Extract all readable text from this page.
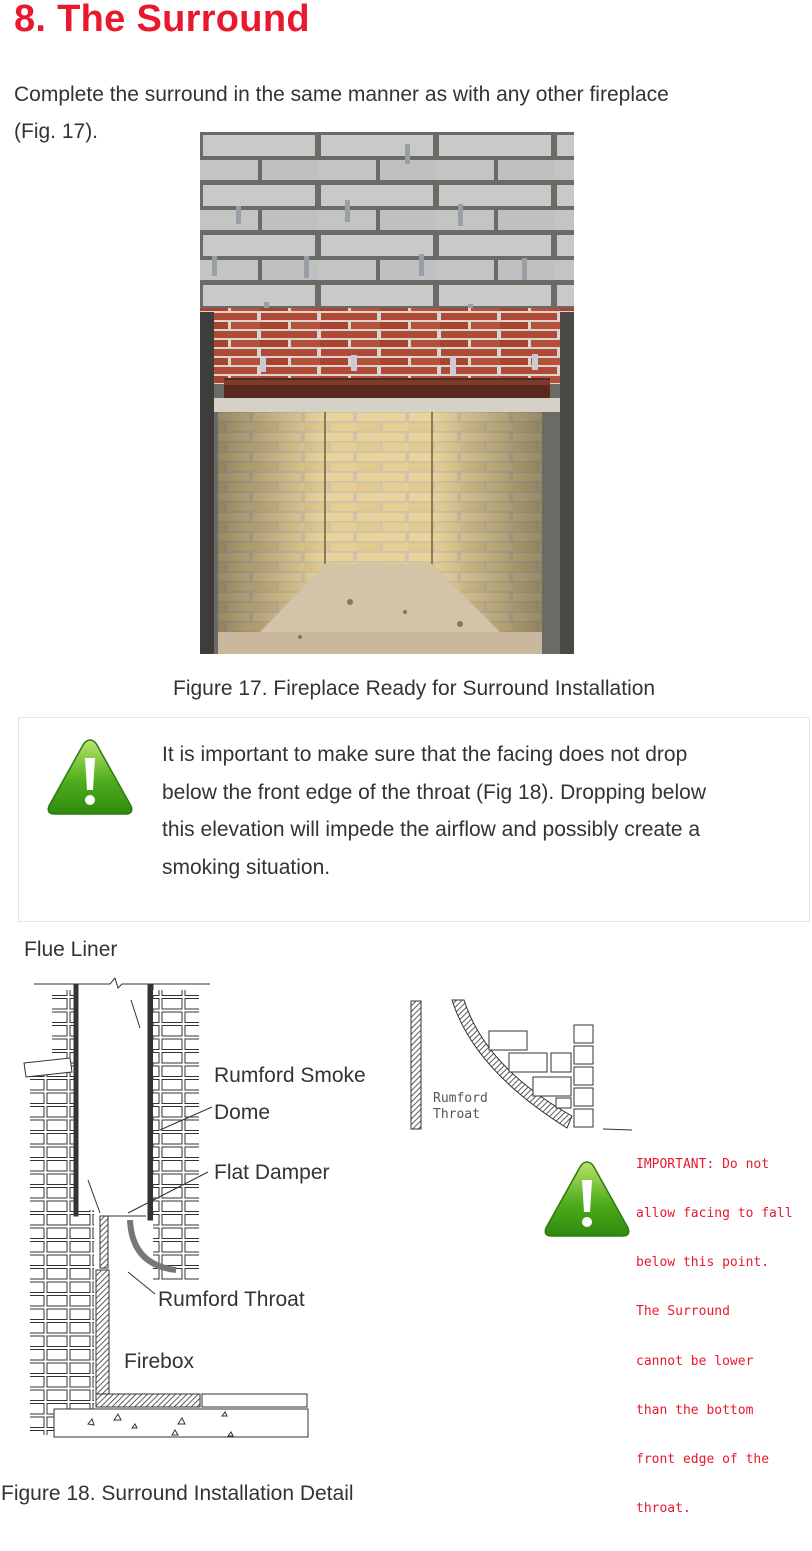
8. The Surround
Complete the surround in the same manner as with any other fireplace
(Fig. 17).
Figure 17. Fireplace Ready for Surround Installation
It is important to make sure that the facing does not drop
below the front edge of the throat (Fig 18). Dropping below
this elevation will impede the airflow and possibly create a
smoking situation.
Flue Liner
Rumford Smoke
Dome
Flat Damper
Rumford Throat
Firebox
Rumford
Throat

IMPORTANT: Do not

allow facing to fall

below this point.

The Surround

cannot be lower

than the bottom

front edge of the

throat.

Figure 18. Surround Installation Detail
